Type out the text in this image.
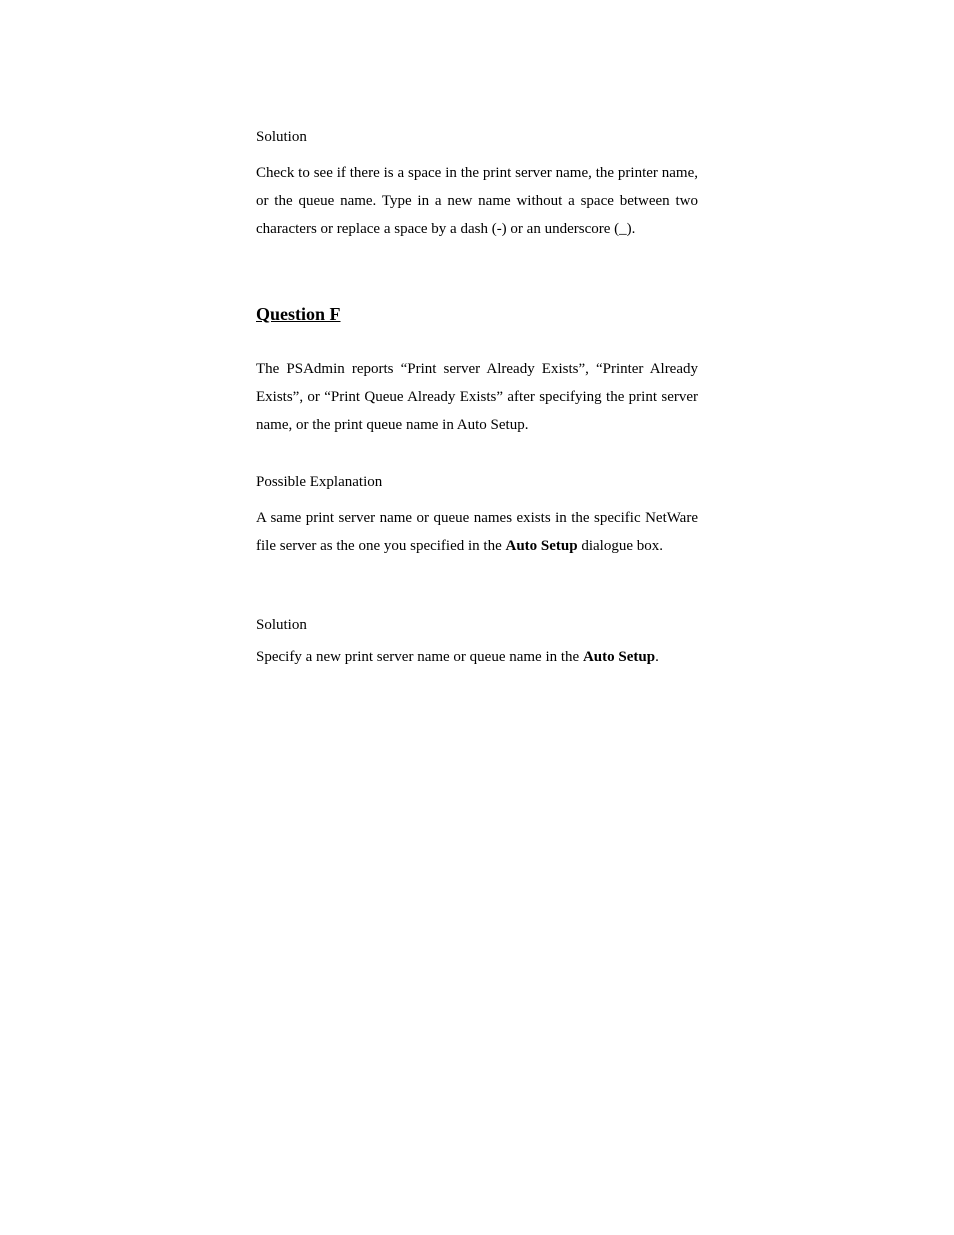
Solution

Check to see if there is a space in the print server name, the printer name, or the queue name. Type in a new name without a space between two characters or replace a space by a dash (-) or an underscore (_).

Question F

The PSAdmin reports “Print server Already Exists”, “Printer Already Exists”, or “Print Queue Already Exists” after specifying the print server name, or the print queue name in Auto Setup.

Possible Explanation

A same print server name or queue names exists in the specific NetWare file server as the one you specified in the Auto Setup dialogue box.

Solution

Specify a new print server name or queue name in the Auto Setup.
